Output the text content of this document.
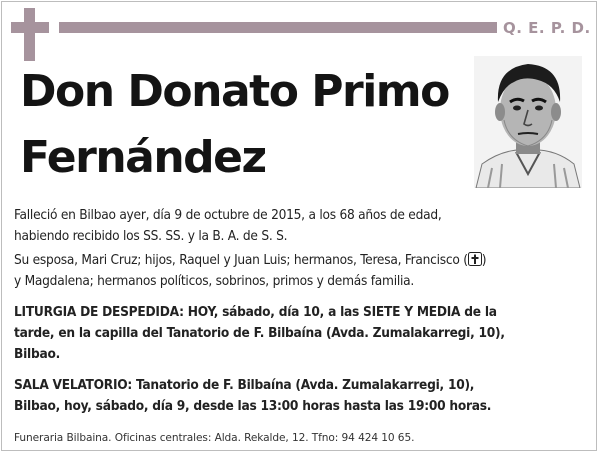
Q. E. P. D.
Don Donato Primo
Fernández
Falleció en Bilbao ayer, día 9 de octubre de 2015, a los 68 años de edad,
habiendo recibido los SS. SS. y la B. A. de S. S.
Su esposa, Mari Cruz; hijos, Raquel y Juan Luis; hermanos, Teresa, Francisco ( )
y Magdalena; hermanos políticos, sobrinos, primos y demás familia.
LITURGIA DE DESPEDIDA: HOY, sábado, día 10, a las SIETE Y MEDIA de la
tarde, en la capilla del Tanatorio de F. Bilbaína (Avda. Zumalakarregi, 10),
Bilbao.
SALA VELATORIO: Tanatorio de F. Bilbaína (Avda. Zumalakarregi, 10),
Bilbao, hoy, sábado, día 9, desde las 13:00 horas hasta las 19:00 horas.
Funeraria Bilbaina. Oficinas centrales: Alda. Rekalde, 12. Tfno: 94 424 10 65.
